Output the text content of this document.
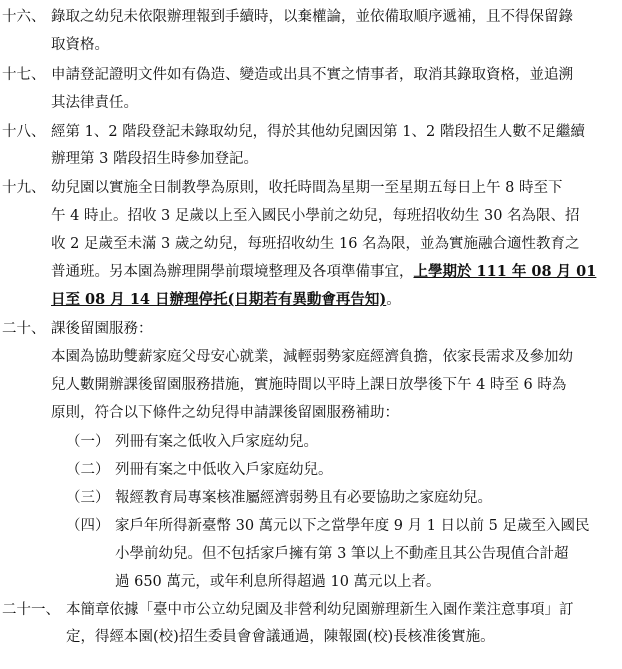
十六、 錄取之幼兒未依限辦理報到手續時，以棄權論，並依備取順序遞補，且不得保留錄
取資格。
十七、 申請登記證明文件如有偽造、變造或出具不實之情事者，取消其錄取資格，並追溯
其法律責任。
十八、 經第 1、2 階段登記未錄取幼兒，得於其他幼兒園因第 1、2 階段招生人數不足繼續
辦理第 3 階段招生時參加登記。
十九、 幼兒園以實施全日制教學為原則，收托時間為星期一至星期五每日上午 8 時至下
午 4 時止。招收 3 足歲以上至入國民小學前之幼兒，每班招收幼生 30 名為限、招
收 2 足歲至未滿 3 歲之幼兒，每班招收幼生 16 名為限，並為實施融合適性教育之
普通班。另本園為辦理開學前環境整理及各項準備事宜，上學期於 111 年 08 月 01
日至 08 月 14 日辦理停托(日期若有異動會再告知)。
二十、 課後留園服務：
本園為協助雙薪家庭父母安心就業，減輕弱勢家庭經濟負擔，依家長需求及參加幼
兒人數開辦課後留園服務措施，實施時間以平時上課日放學後下午 4 時至 6 時為
原則，符合以下條件之幼兒得申請課後留園服務補助：
（一） 列冊有案之低收入戶家庭幼兒。
（二） 列冊有案之中低收入戶家庭幼兒。
（三） 報經教育局專案核准屬經濟弱勢且有必要協助之家庭幼兒。
（四） 家戶年所得新臺幣 30 萬元以下之當學年度 9 月 1 日以前 5 足歲至入國民
小學前幼兒。但不包括家戶擁有第 3 筆以上不動產且其公告現值合計超
過 650 萬元，或年利息所得超過 10 萬元以上者。
二十一、 本簡章依據「臺中市公立幼兒園及非營利幼兒園辦理新生入園作業注意事項」訂
定，得經本園(校)招生委員會會議通過，陳報園(校)長核准後實施。
